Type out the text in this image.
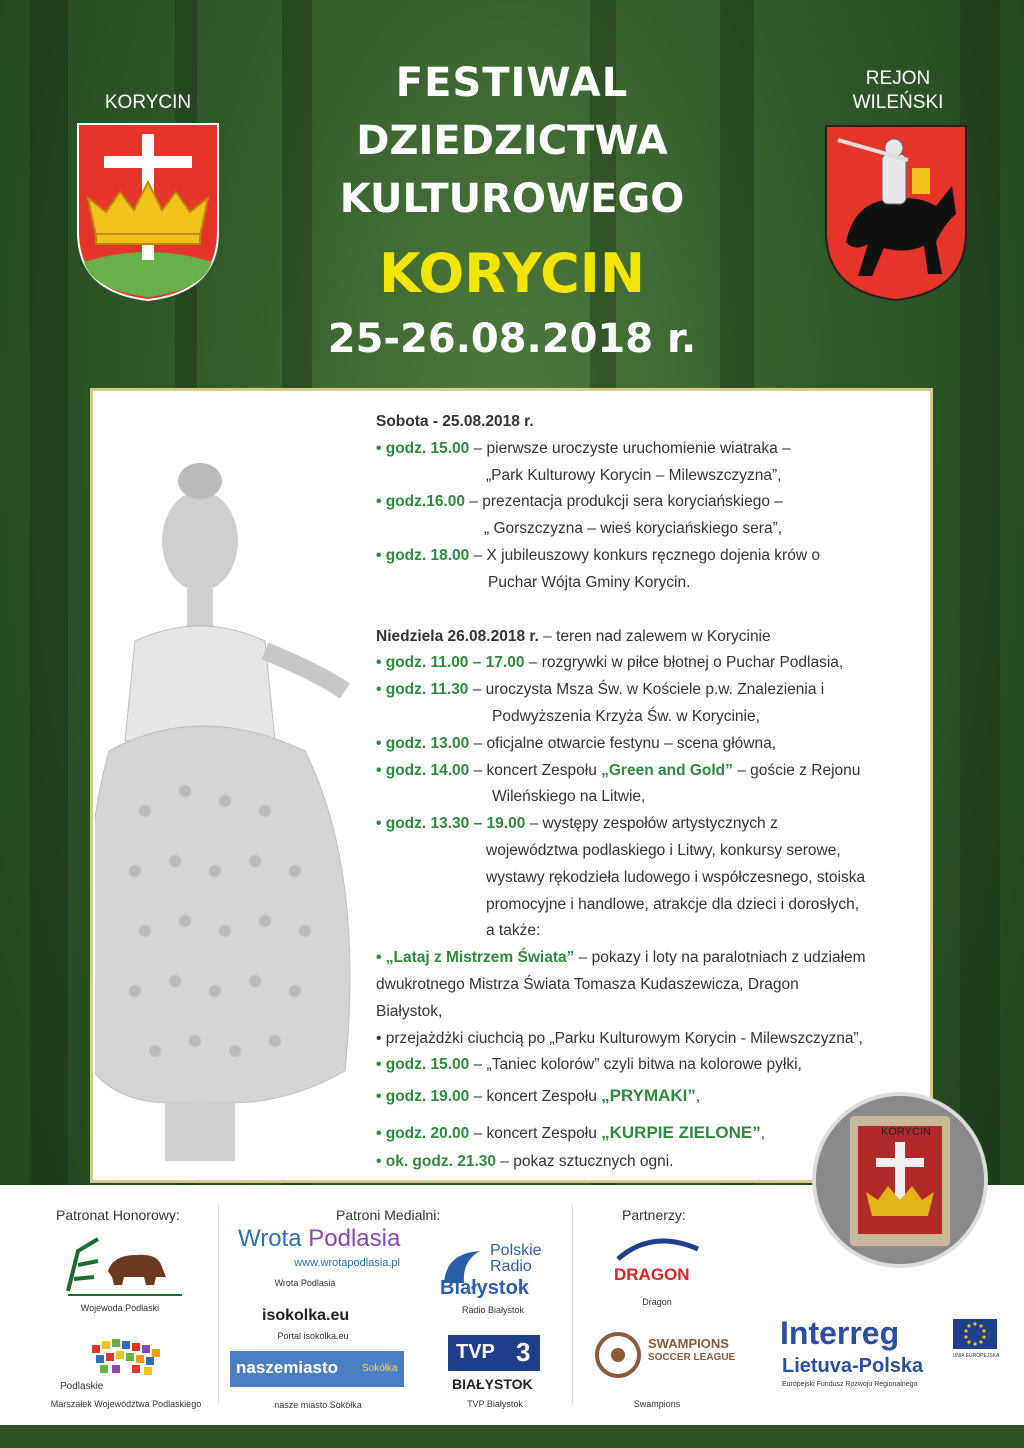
KORYCIN
REJON
WILEŃSKI
FESTIWAL
DZIEDZICTWA
KULTUROWEGO
KORYCIN
25-26.08.2018 r.
Sobota - 25.08.2018 r.
• godz. 15.00 – pierwsze uroczyste uruchomienie wiatraka –
„Park Kulturowy Korycin – Milewszczyzna”,
• godz.16.00 – prezentacja produkcji sera koryciańskiego –
„ Gorszczyzna – wieś koryciańskiego sera”,
• godz. 18.00 – X jubileuszowy konkurs ręcznego dojenia krów o
Puchar Wójta Gminy Korycin.
Niedziela 26.08.2018 r. – teren nad zalewem w Korycinie
• godz. 11.00 – 17.00 – rozgrywki w piłce błotnej o Puchar Podlasia,
• godz. 11.30 – uroczysta Msza Św. w Kościele p.w. Znalezienia i
Podwyższenia Krzyża Św. w Korycinie,
• godz. 13.00 – oficjalne otwarcie festynu – scena główna,
• godz. 14.00 – koncert Zespołu „Green and Gold” – goście z Rejonu
Wileńskiego na Litwie,
• godz. 13.30 – 19.00 – występy zespołów artystycznych z
województwa podlaskiego i Litwy, konkursy serowe,
wystawy rękodzieła ludowego i współczesnego, stoiska
promocyjne i handlowe, atrakcje dla dzieci i dorosłych,
a także:
• „Lataj z Mistrzem Świata” – pokazy i loty na paralotniach z udziałem
dwukrotnego Mistrza Świata Tomasza Kudaszewicza, Dragon
Białystok,
• przejażdżki ciuchcią po „Parku Kulturowym Korycin - Milewszczyzna”,
• godz. 15.00 – „Taniec kolorów” czyli bitwa na kolorowe pyłki,
• godz. 19.00 – koncert Zespołu „PRYMAKI”,
• godz. 20.00 – koncert Zespołu „KURPIE ZIELONE”,
• ok. godz. 21.30 – pokaz sztucznych ogni.
Patronat Honorowy:
Wojewoda Podlaski
Podlaskie
Marszałek Województwa Podlaskiego
Patroni Medialni:
Wrota Podlasia
www.wrotapodlasia.pl
Wrota Podlasia
isokolka.eu
Portal isokolka.eu
naszemiasto Sokółka
nasze miasto Sokółka
Polskie
Radio
Białystok
Radio Białystok
TVP 3
BIAŁYSTOK
TVP Białystok
Partnerzy:
DRAGON
Dragon
SWAMPIONS
SOCCER LEAGUE
Swampions
Interreg
Lietuva-Polska
Europejski Fundusz Rozwoju Regionalnego
UNIA EUROPEJSKA
KORYCIN
